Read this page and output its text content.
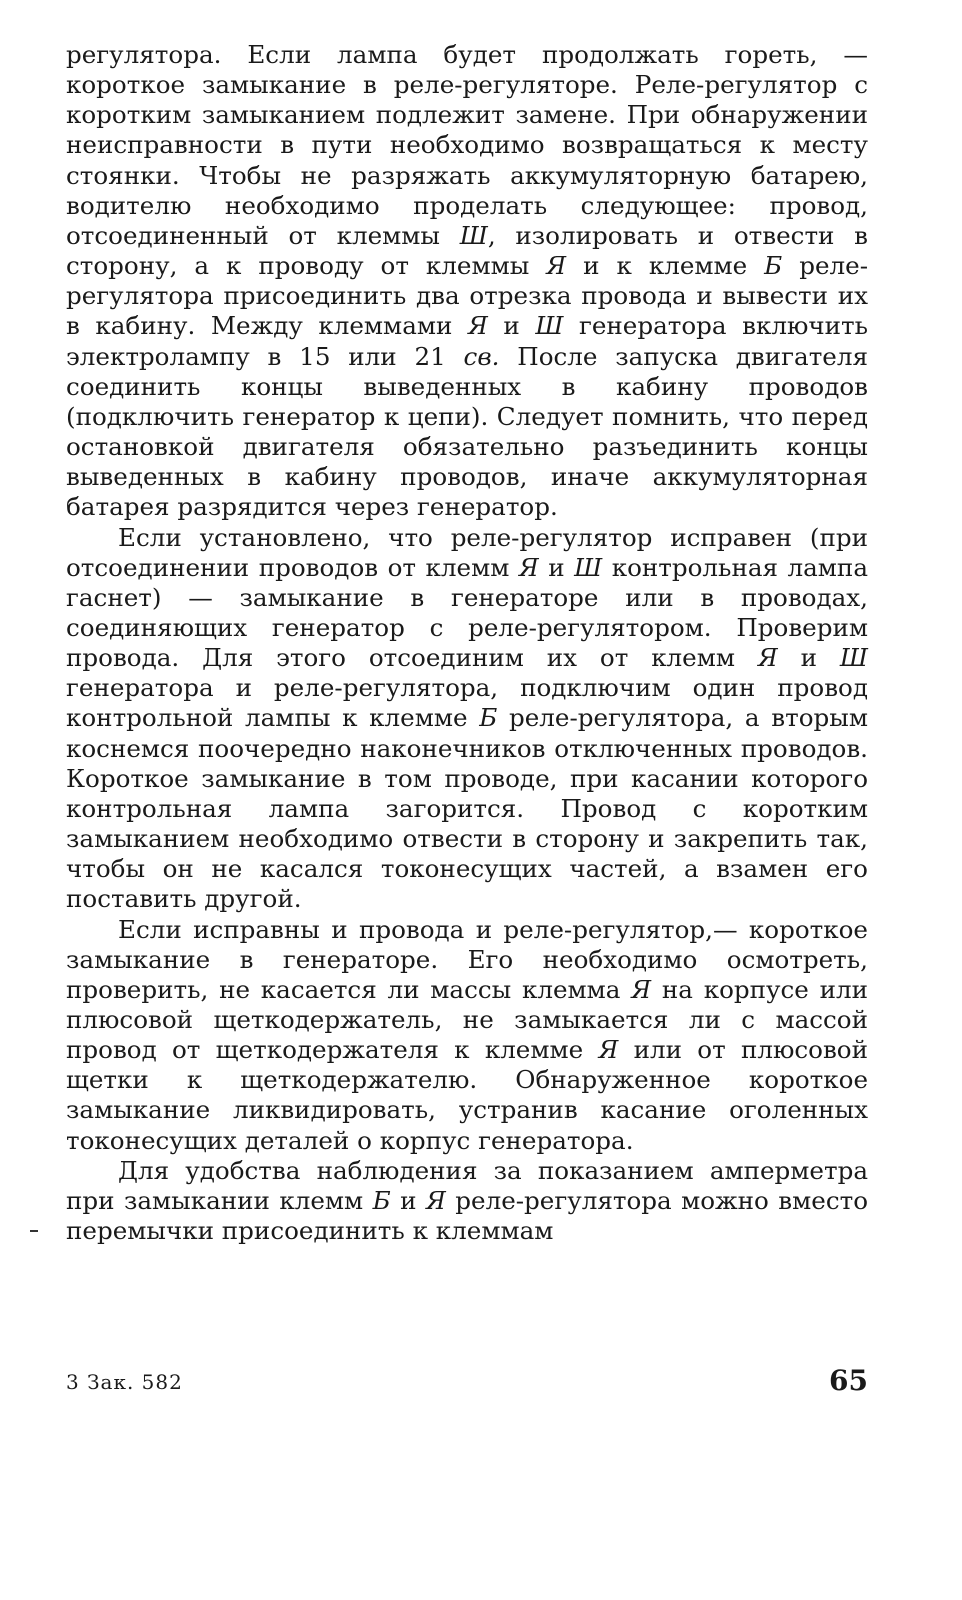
регулятора. Если лампа будет продолжать гореть, — короткое замыкание в реле-регуляторе. Реле-регулятор с коротким замыканием подлежит замене. При обнаружении неисправности в пути необходимо возвращаться к месту стоянки. Чтобы не разряжать аккумуляторную батарею, водителю необходимо проделать следующее: провод, отсоединенный от клеммы Ш, изолировать и отвести в сторону, а к проводу от клеммы Я и к клемме Б реле-регулятора присоединить два отрезка провода и вывести их в кабину. Между клеммами Я и Ш генератора включить электролампу в 15 или 21 св. После запуска двигателя соединить концы выведенных в кабину проводов (подключить генератор к цепи). Следует помнить, что перед остановкой двигателя обязательно разъединить концы выведенных в кабину проводов, иначе аккумуляторная батарея разрядится через генератор.

Если установлено, что реле-регулятор исправен (при отсоединении проводов от клемм Я и Ш контрольная лампа гаснет) — замыкание в генераторе или в проводах, соединяющих генератор с реле-регулятором. Проверим провода. Для этого отсоединим их от клемм Я и Ш генератора и реле-регулятора, подключим один провод контрольной лампы к клемме Б реле-регулятора, а вторым коснемся поочередно наконечников отключенных проводов. Короткое замыкание в том проводе, при касании которого контрольная лампа загорится. Провод с коротким замыканием необходимо отвести в сторону и закрепить так, чтобы он не касался токонесущих частей, а взамен его поставить другой.

Если исправны и провода и реле-регулятор,— короткое замыкание в генераторе. Его необходимо осмотреть, проверить, не касается ли массы клемма Я на корпусе или плюсовой щеткодержатель, не замыкается ли с массой провод от щеткодержателя к клемме Я или от плюсовой щетки к щеткодержателю. Обнаруженное короткое замыкание ликвидировать, устранив касание оголенных токонесущих деталей о корпус генератора.

Для удобства наблюдения за показанием амперметра при замыкании клемм Б и Я реле-регулятора можно вместо перемычки присоединить к клеммам

3 Зак. 582	65
